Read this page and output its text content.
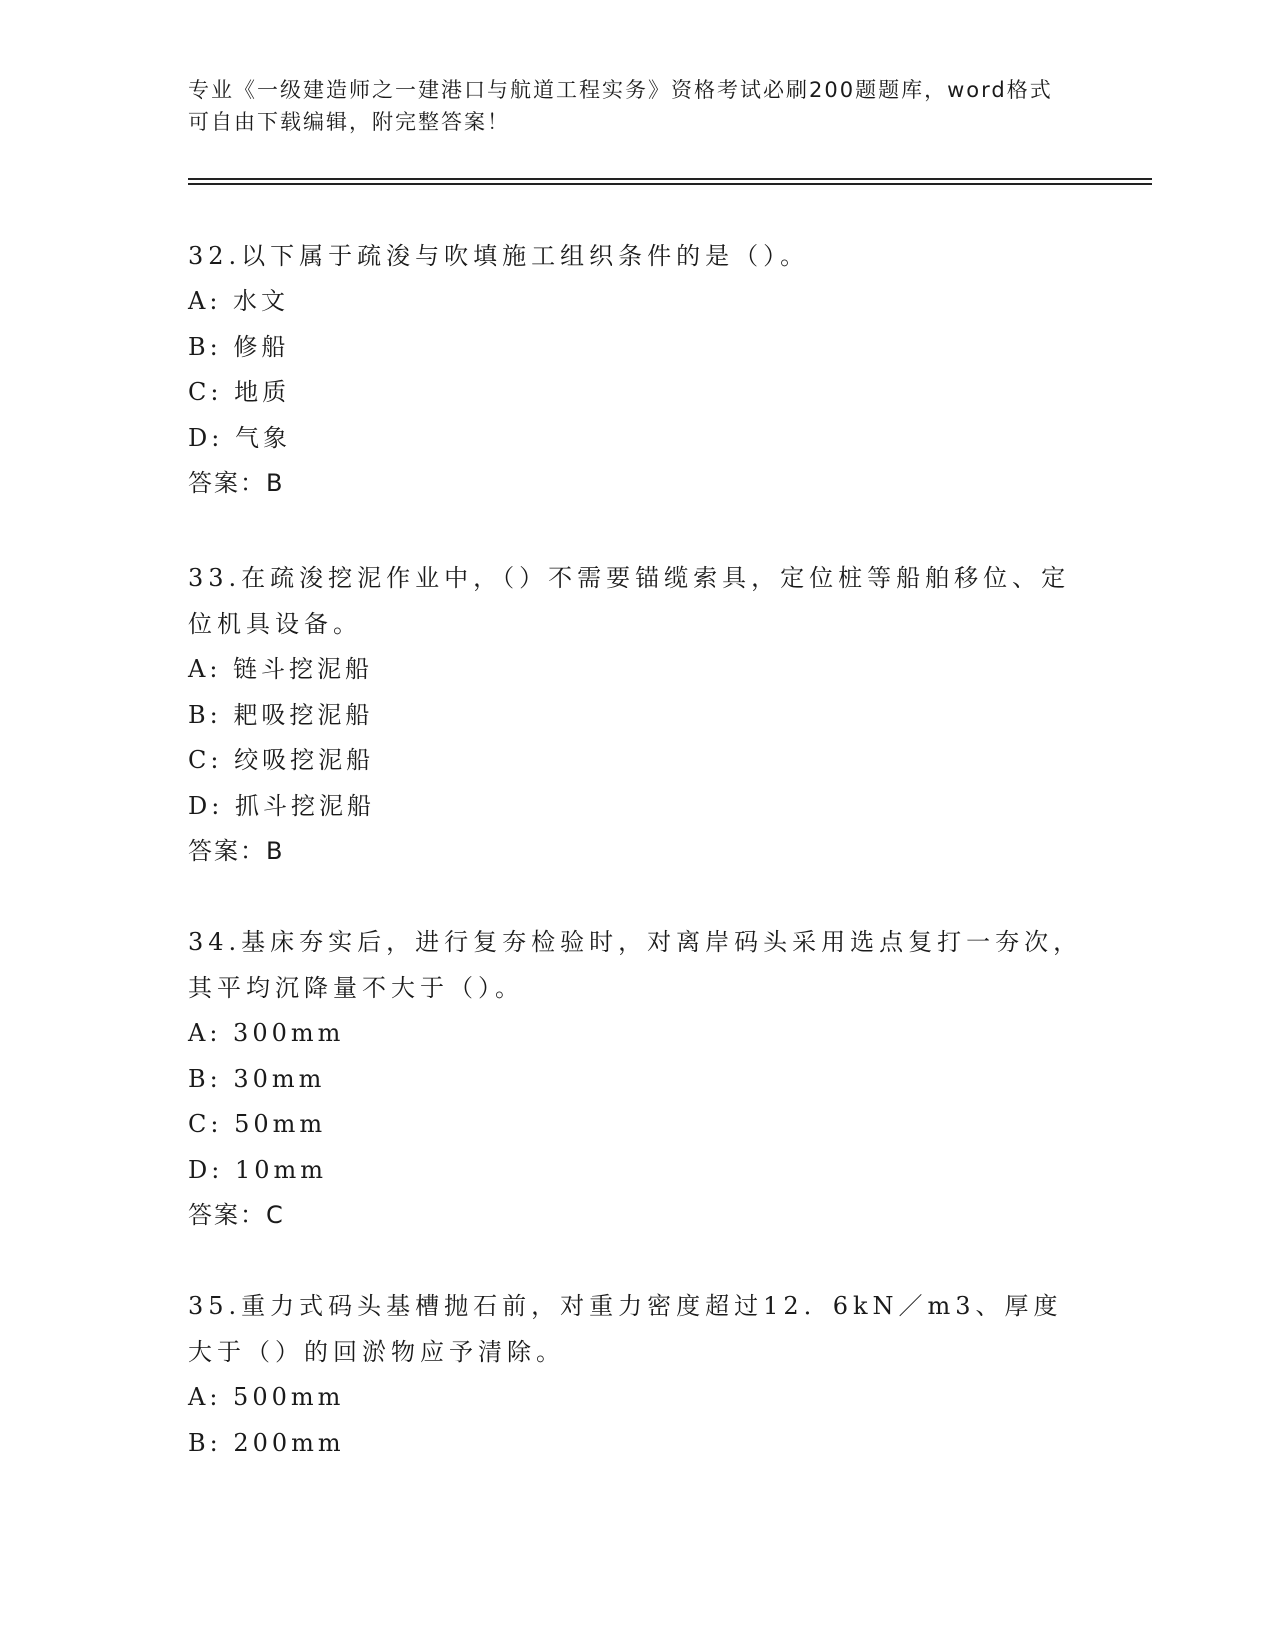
专业《一级建造师之一建港口与航道工程实务》资格考试必刷200题题库，word格式可自由下载编辑，附完整答案！

32.以下属于疏浚与吹填施工组织条件的是（）。

A: 水文

B: 修船

C: 地质

D: 气象

答案：B

33.在疏浚挖泥作业中，（）不需要锚缆索具，定位桩等船舶移位、定位机具设备。

A: 链斗挖泥船

B: 耙吸挖泥船

C: 绞吸挖泥船

D: 抓斗挖泥船

答案：B

34.基床夯实后，进行复夯检验时，对离岸码头采用选点复打一夯次，其平均沉降量不大于（）。

A: 300mm

B: 30mm

C: 50mm

D: 10mm

答案：C

35.重力式码头基槽抛石前，对重力密度超过12．6kN／m3、厚度大于（）的回淤物应予清除。

A: 500mm

B: 200mm
